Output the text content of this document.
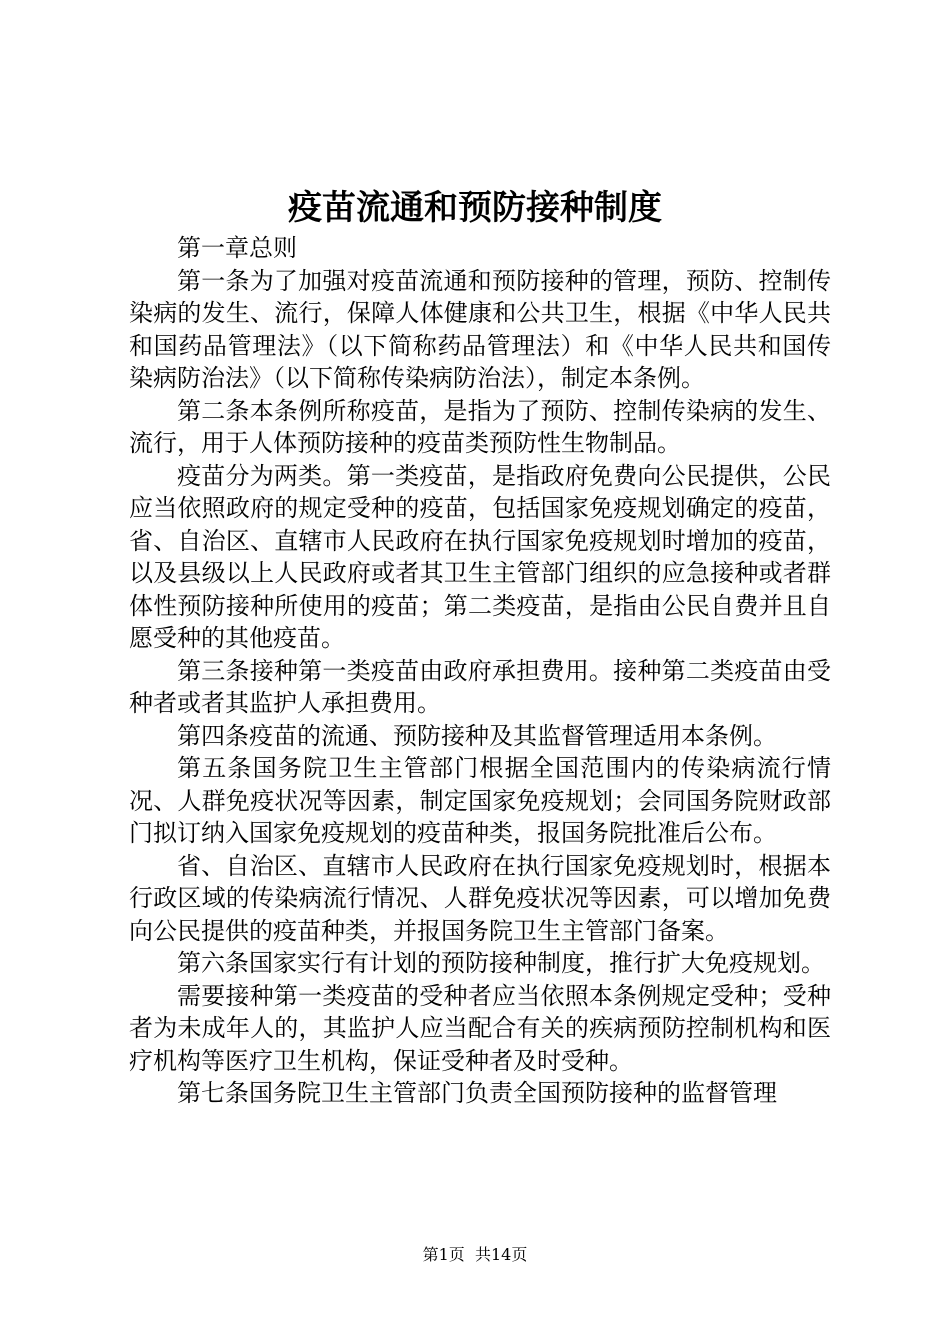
疫苗流通和预防接种制度

第一章总则

第一条为了加强对疫苗流通和预防接种的管理，预防、控制传染病的发生、流行，保障人体健康和公共卫生，根据《中华人民共和国药品管理法》（以下简称药品管理法）和《中华人民共和国传染病防治法》（以下简称传染病防治法），制定本条例。

第二条本条例所称疫苗，是指为了预防、控制传染病的发生、流行，用于人体预防接种的疫苗类预防性生物制品。

疫苗分为两类。第一类疫苗，是指政府免费向公民提供，公民应当依照政府的规定受种的疫苗，包括国家免疫规划确定的疫苗，省、自治区、直辖市人民政府在执行国家免疫规划时增加的疫苗，以及县级以上人民政府或者其卫生主管部门组织的应急接种或者群体性预防接种所使用的疫苗；第二类疫苗，是指由公民自费并且自愿受种的其他疫苗。

第三条接种第一类疫苗由政府承担费用。接种第二类疫苗由受种者或者其监护人承担费用。

第四条疫苗的流通、预防接种及其监督管理适用本条例。

第五条国务院卫生主管部门根据全国范围内的传染病流行情况、人群免疫状况等因素，制定国家免疫规划；会同国务院财政部门拟订纳入国家免疫规划的疫苗种类，报国务院批准后公布。

省、自治区、直辖市人民政府在执行国家免疫规划时，根据本行政区域的传染病流行情况、人群免疫状况等因素，可以增加免费向公民提供的疫苗种类，并报国务院卫生主管部门备案。

第六条国家实行有计划的预防接种制度，推行扩大免疫规划。

需要接种第一类疫苗的受种者应当依照本条例规定受种；受种者为未成年人的，其监护人应当配合有关的疾病预防控制机构和医疗机构等医疗卫生机构，保证受种者及时受种。

第七条国务院卫生主管部门负责全国预防接种的监督管理

第1页 共14页
